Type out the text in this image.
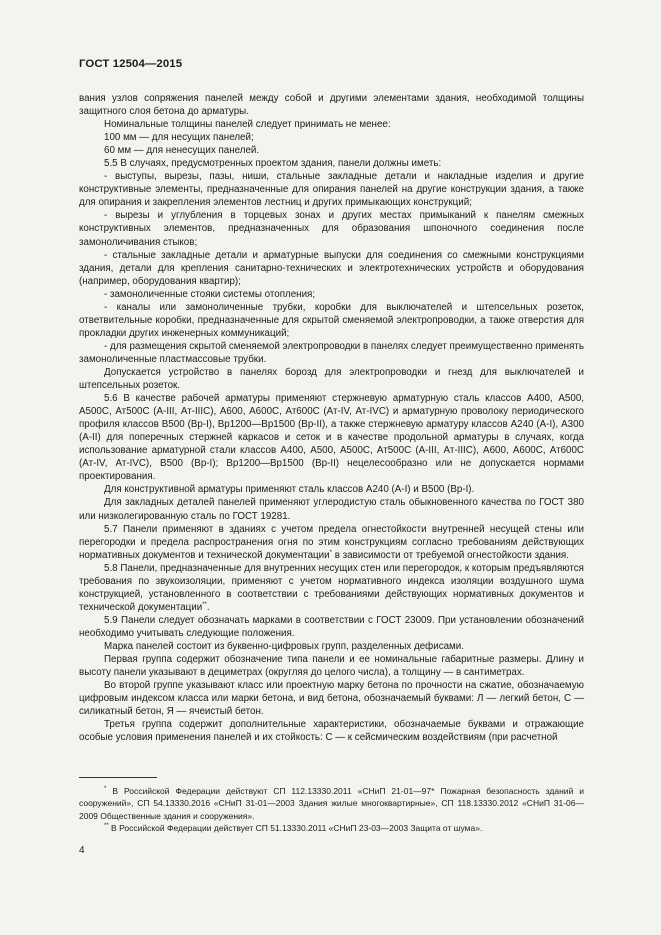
ГОСТ 12504—2015

вания узлов сопряжения панелей между собой и другими элементами здания, необходимой толщины защитного слоя бетона до арматуры.

Номинальные толщины панелей следует принимать не менее:

100 мм — для несущих панелей;

60 мм — для ненесущих панелей.

5.5 В случаях, предусмотренных проектом здания, панели должны иметь:

- выступы, вырезы, пазы, ниши, стальные закладные детали и накладные изделия и другие конструктивные элементы, предназначенные для опирания панелей на другие конструкции здания, а также для опирания и закрепления элементов лестниц и других примыкающих конструкций;

- вырезы и углубления в торцевых зонах и других местах примыканий к панелям смежных конструктивных элементов, предназначенных для образования шпоночного соединения после замоноличивания стыков;

- стальные закладные детали и арматурные выпуски для соединения со смежными конструкциями здания, детали для крепления санитарно-технических и электротехнических устройств и оборудования (например, оборудования квартир);

- замоноличенные стояки системы отопления;

- каналы или замоноличенные трубки, коробки для выключателей и штепсельных розеток, ответвительные коробки, предназначенные для скрытой сменяемой электропроводки, а также отверстия для прокладки других инженерных коммуникаций;

- для размещения скрытой сменяемой электропроводки в панелях следует преимущественно применять замоноличенные пластмассовые трубки.

Допускается устройство в панелях борозд для электропроводки и гнезд для выключателей и штепсельных розеток.

5.6 В качестве рабочей арматуры применяют стержневую арматурную сталь классов А400, А500, А500С, Ат500С (А-III, Ат-IIIС), А600, А600С, Ат600С (Ат-IV, Ат-IVС) и арматурную проволоку периодического профиля классов В500 (Вр-I), Вр1200—Вр1500 (Вр-II), а также стержневую арматуру классов А240 (А-I), А300 (А-II) для поперечных стержней каркасов и сеток и в качестве продольной арматуры в случаях, когда использование арматурной стали классов А400, А500, А500С, Ат500С (А-III, Ат-IIIС), А600, А600С, Ат600С (Ат-IV, Ат-IVС), В500 (Вр-I); Вр1200—Вр1500 (Вр-II) нецелесообразно или не допускается нормами проектирования.

Для конструктивной арматуры применяют сталь классов А240 (А-I) и В500 (Вр-I).

Для закладных деталей панелей применяют углеродистую сталь обыкновенного качества по ГОСТ 380 или низколегированную сталь по ГОСТ 19281.

5.7 Панели применяют в зданиях с учетом предела огнестойкости внутренней несущей стены или перегородки и предела распространения огня по этим конструкциям согласно требованиям действующих нормативных документов и технической документации* в зависимости от требуемой огнестойкости здания.

5.8 Панели, предназначенные для внутренних несущих стен или перегородок, к которым предъявляются требования по звукоизоляции, применяют с учетом нормативного индекса изоляции воздушного шума конструкцией, установленного в соответствии с требованиями действующих нормативных документов и технической документации**.

5.9 Панели следует обозначать марками в соответствии с ГОСТ 23009. При установлении обозначений необходимо учитывать следующие положения.

Марка панелей состоит из буквенно-цифровых групп, разделенных дефисами.

Первая группа содержит обозначение типа панели и ее номинальные габаритные размеры. Длину и высоту панели указывают в дециметрах (округляя до целого числа), а толщину — в сантиметрах.

Во второй группе указывают класс или проектную марку бетона по прочности на сжатие, обозначаемую цифровым индексом класса или марки бетона, и вид бетона, обозначаемый буквами: Л — легкий бетон, С — силикатный бетон, Я — ячеистый бетон.

Третья группа содержит дополнительные характеристики, обозначаемые буквами и отражающие особые условия применения панелей и их стойкость: С — к сейсмическим воздействиям (при расчетной

* В Российской Федерации действуют СП 112.13330.2011 «СНиП 21-01—97* Пожарная безопасность зданий и сооружений», СП 54.13330.2016 «СНиП 31-01—2003 Здания жилые многоквартирные», СП 118.13330.2012 «СНиП 31-06—2009 Общественные здания и сооружения».

** В Российской Федерации действует СП 51.13330.2011 «СНиП 23-03—2003 Защита от шума».

4
